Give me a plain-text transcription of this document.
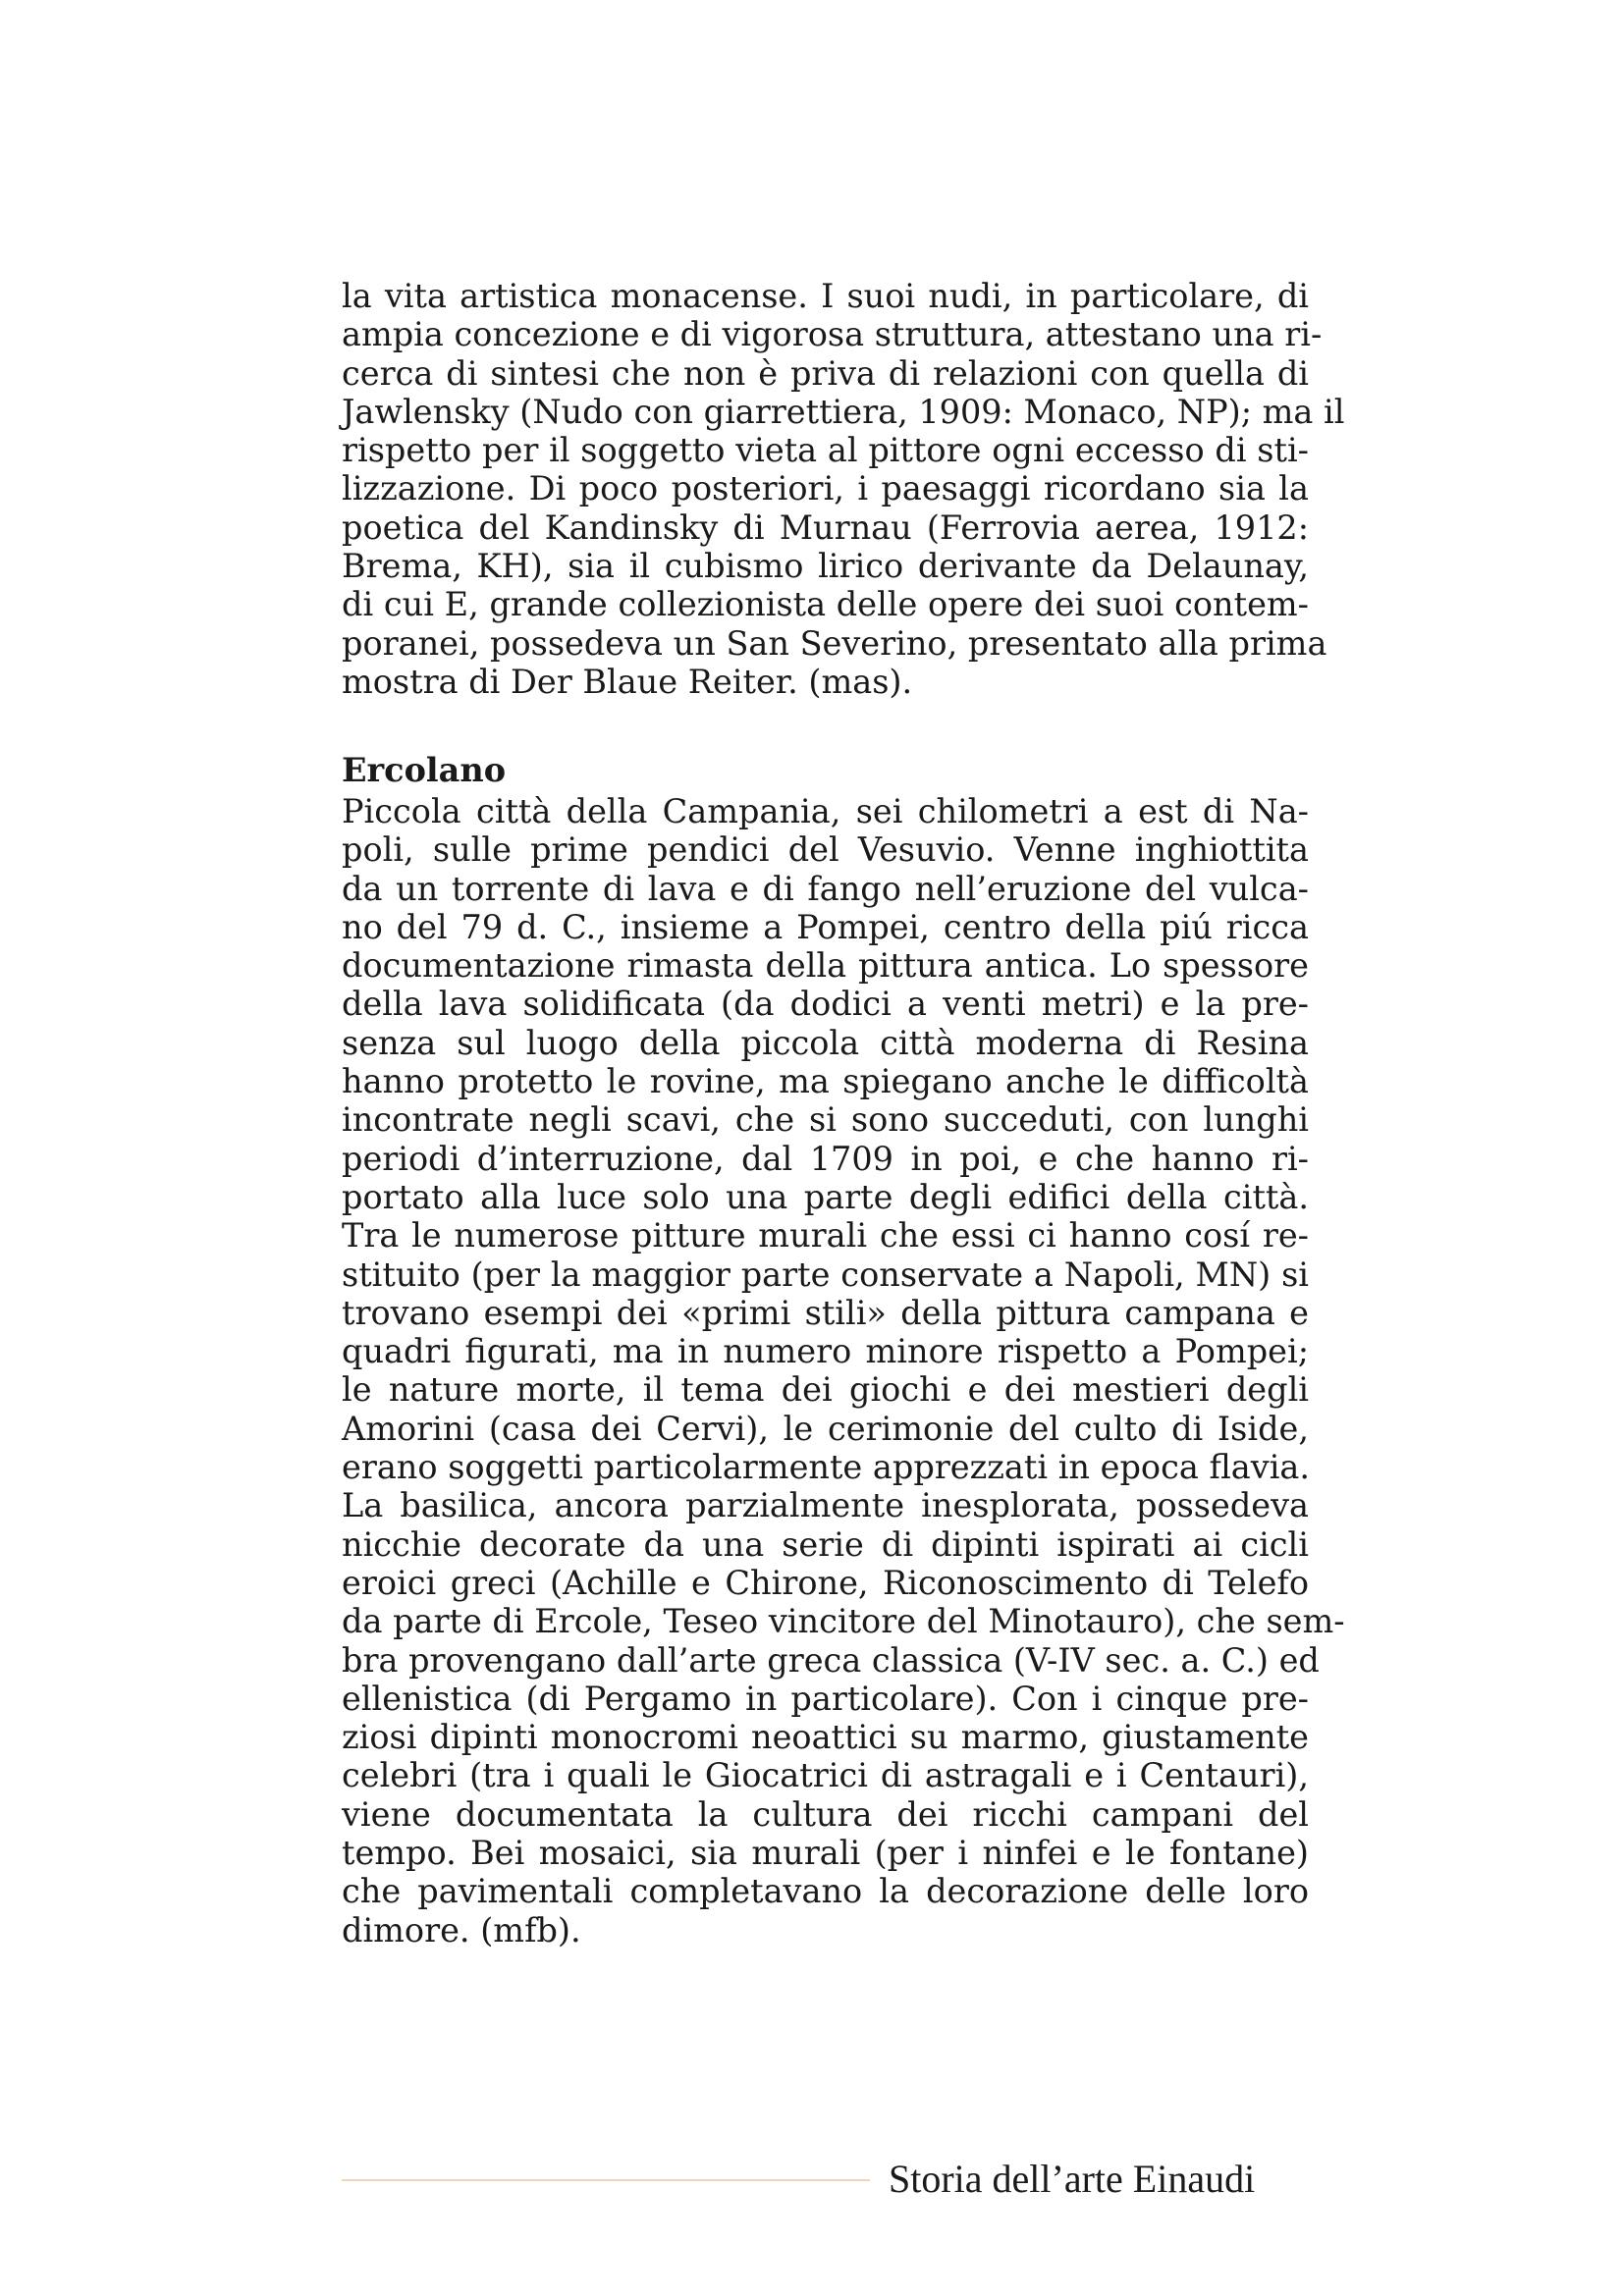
la vita artistica monacense. I suoi nudi, in particolare, di
ampia concezione e di vigorosa struttura, attestano una ri-
cerca di sintesi che non è priva di relazioni con quella di
Jawlensky (Nudo con giarrettiera, 1909: Monaco, NP); ma il
rispetto per il soggetto vieta al pittore ogni eccesso di sti-
lizzazione. Di poco posteriori, i paesaggi ricordano sia la
poetica del Kandinsky di Murnau (Ferrovia aerea, 1912:
Brema, KH), sia il cubismo lirico derivante da Delaunay,
di cui E, grande collezionista delle opere dei suoi contem-
poranei, possedeva un San Severino, presentato alla prima
mostra di Der Blaue Reiter. (mas).
Ercolano
Piccola città della Campania, sei chilometri a est di Na-
poli, sulle prime pendici del Vesuvio. Venne inghiottita
da un torrente di lava e di fango nell’eruzione del vulca-
no del 79 d. C., insieme a Pompei, centro della piú ricca
documentazione rimasta della pittura antica. Lo spessore
della lava solidificata (da dodici a venti metri) e la pre-
senza sul luogo della piccola città moderna di Resina
hanno protetto le rovine, ma spiegano anche le difficoltà
incontrate negli scavi, che si sono succeduti, con lunghi
periodi d’interruzione, dal 1709 in poi, e che hanno ri-
portato alla luce solo una parte degli edifici della città.
Tra le numerose pitture murali che essi ci hanno cosí re-
stituito (per la maggior parte conservate a Napoli, MN) si
trovano esempi dei «primi stili» della pittura campana e
quadri figurati, ma in numero minore rispetto a Pompei;
le nature morte, il tema dei giochi e dei mestieri degli
Amorini (casa dei Cervi), le cerimonie del culto di Iside,
erano soggetti particolarmente apprezzati in epoca flavia.
La basilica, ancora parzialmente inesplorata, possedeva
nicchie decorate da una serie di dipinti ispirati ai cicli
eroici greci (Achille e Chirone, Riconoscimento di Telefo
da parte di Ercole, Teseo vincitore del Minotauro), che sem-
bra provengano dall’arte greca classica (V-IV sec. a. C.) ed
ellenistica (di Pergamo in particolare). Con i cinque pre-
ziosi dipinti monocromi neoattici su marmo, giustamente
celebri (tra i quali le Giocatrici di astragali e i Centauri),
viene documentata la cultura dei ricchi campani del
tempo. Bei mosaici, sia murali (per i ninfei e le fontane)
che pavimentali completavano la decorazione delle loro
dimore. (mfb).
Storia dell’arte Einaudi
